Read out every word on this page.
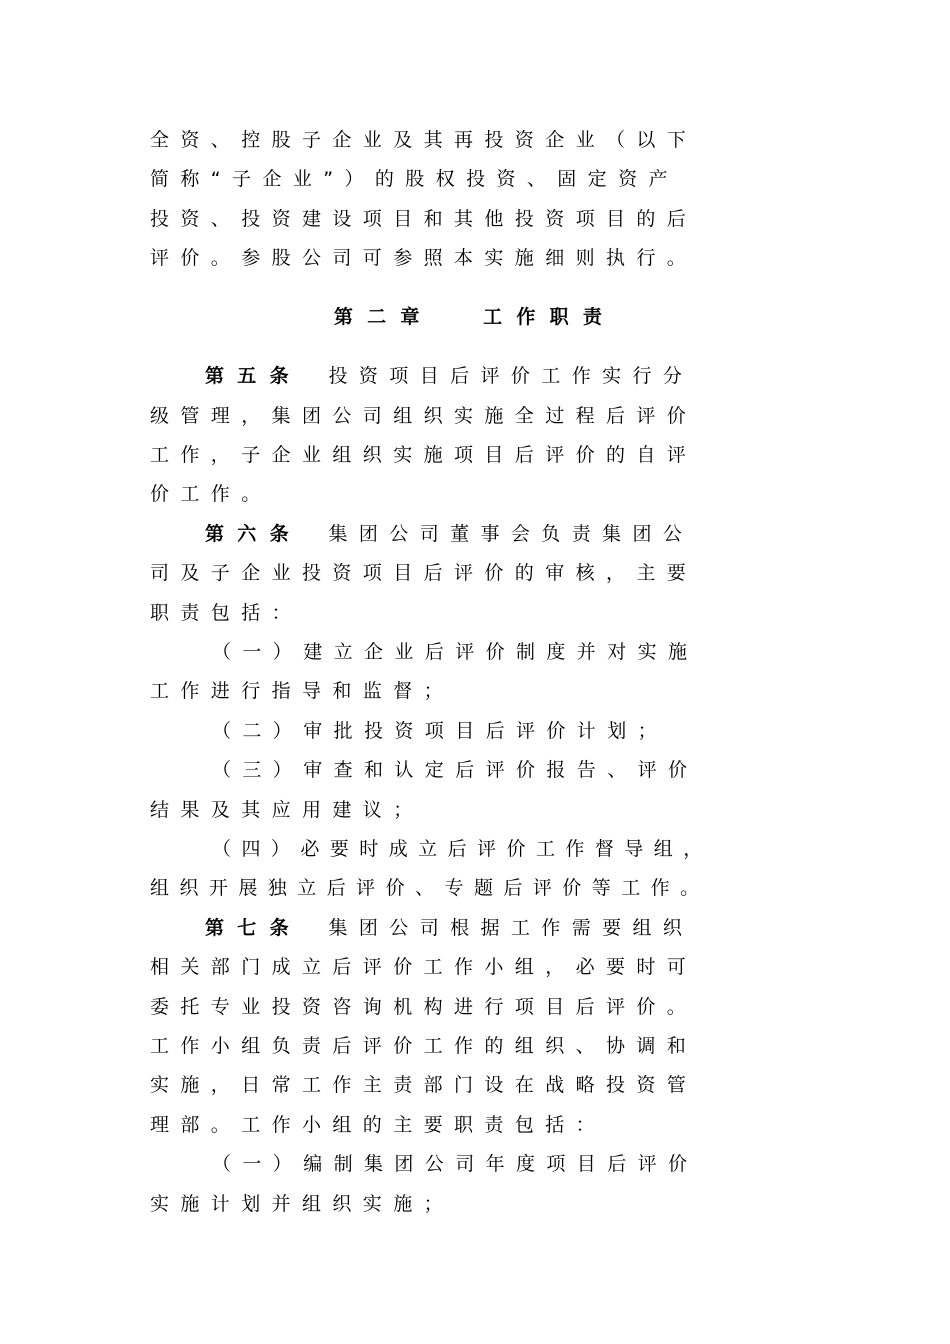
全资、控股子企业及其再投资企业（以下
简称“子企业”）的股权投资、固定资产
投资、投资建设项目和其他投资项目的后
评价。参股公司可参照本实施细则执行。
第二章	工作职责
第五条 投资项目后评价工作实行分
级管理，集团公司组织实施全过程后评价
工作，子企业组织实施项目后评价的自评
价工作。
第六条 集团公司董事会负责集团公
司及子企业投资项目后评价的审核，主要
职责包括：
（一）建立企业后评价制度并对实施
工作进行指导和监督；
（二）审批投资项目后评价计划；
（三）审查和认定后评价报告、评价
结果及其应用建议；
（四）必要时成立后评价工作督导组，
组织开展独立后评价、专题后评价等工作。
第七条 集团公司根据工作需要组织
相关部门成立后评价工作小组，必要时可
委托专业投资咨询机构进行项目后评价。
工作小组负责后评价工作的组织、协调和
实施，日常工作主责部门设在战略投资管
理部。工作小组的主要职责包括：
（一）编制集团公司年度项目后评价
实施计划并组织实施；
